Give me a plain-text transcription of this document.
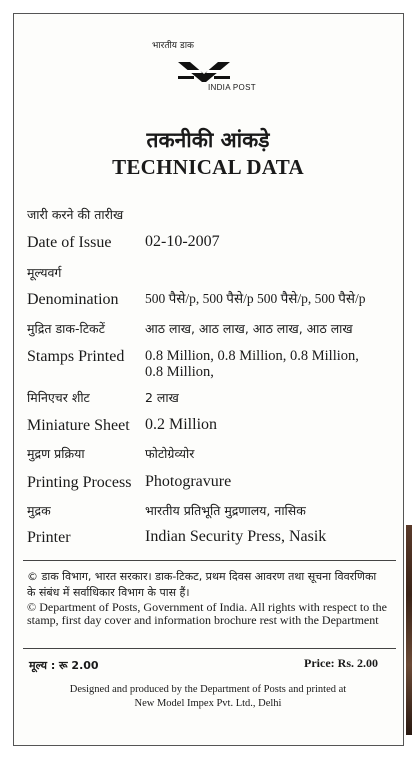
भारतीय डाक
INDIA POST
तकनीकी आंकड़े
TECHNICAL DATA
जारी करने की तारीख
Date of Issue 02-10-2007
मूल्यवर्ग
Denomination 500 पैसे/p, 500 पैसे/p 500 पैसे/p, 500 पैसे/p
मुद्रित डाक-टिकटें	आठ लाख, आठ लाख, आठ लाख, आठ लाख
Stamps Printed 0.8 Million, 0.8 Million, 0.8 Million, 0.8 Million,
मिनिएचर शीट	2 लाख
Miniature Sheet 0.2 Million
मुद्रण प्रक्रिया	फोटोग्रेव्योर
Printing Process Photogravure
मुद्रक	भारतीय प्रतिभूति मुद्रणालय, नासिक
Printer	Indian Security Press, Nasik
© डाक विभाग, भारत सरकार। डाक-टिकट, प्रथम दिवस आवरण तथा सूचना विवरणिका के संबंध में सर्वाधिकार विभाग के पास हैं।
© Department of Posts, Government of India. All rights with respect to the stamp, first day cover and information brochure rest with the Department
मूल्य : रू 2.00	Price: Rs. 2.00
Designed and produced by the Department of Posts and printed at
New Model Impex Pvt. Ltd., Delhi
